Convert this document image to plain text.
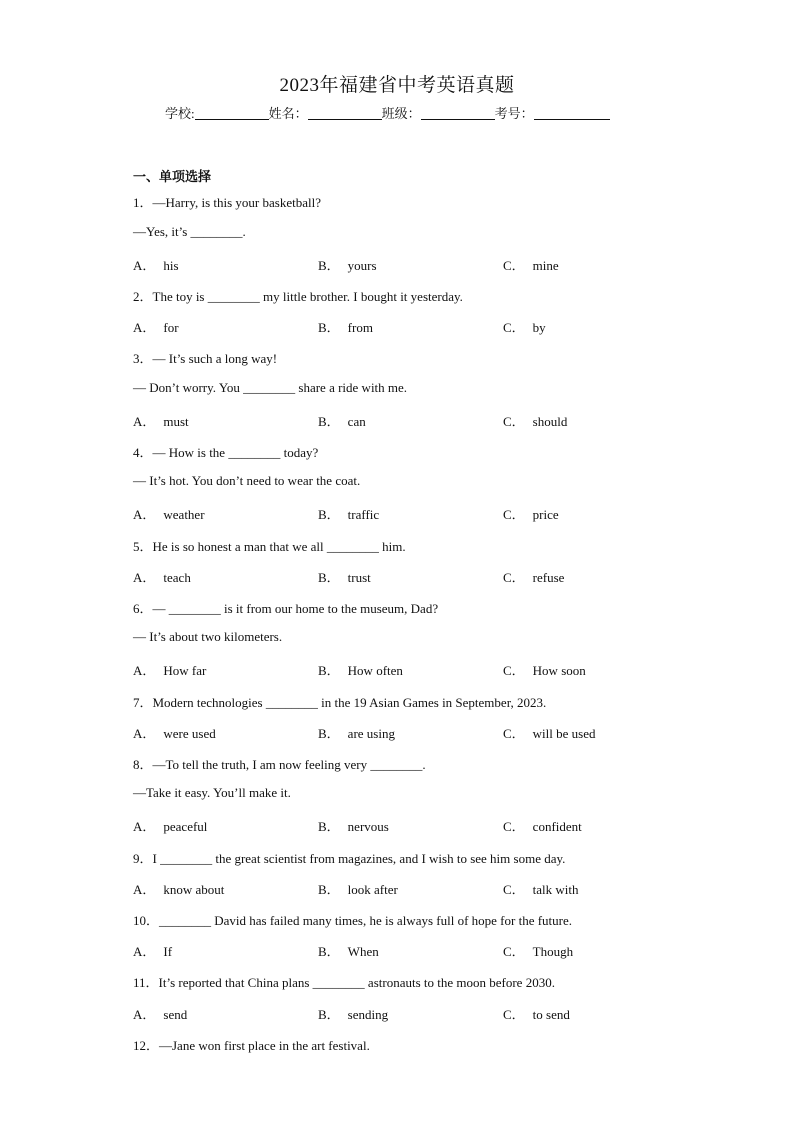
2023年福建省中考英语真题
学校:	姓名：	班级：	考号：
一、单项选择
1．—Harry, is this your basketball?
—Yes, it’s ________.
A． his	B． yours	C． mine
2．The toy is ________ my little brother. I bought it yesterday.
A． for	B． from	C． by
3．— It’s such a long way!
— Don’t worry. You ________ share a ride with me.
A． must	B． can	C． should
4．— How is the ________ today?
— It’s hot. You don’t need to wear the coat.
A． weather	B． traffic	C． price
5．He is so honest a man that we all ________ him.
A． teach	B． trust	C． refuse
6．— ________ is it from our home to the museum, Dad?
— It’s about two kilometers.
A． How far	B． How often	C． How soon
7．Modern technologies ________ in the 19 Asian Games in September, 2023.
A． were used	B． are using	C． will be used
8．—To tell the truth, I am now feeling very ________.
—Take it easy. You’ll make it.
A． peaceful	B． nervous	C． confident
9．I ________ the great scientist from magazines, and I wish to see him some day.
A． know about	B． look after	C． talk with
10．________ David has failed many times, he is always full of hope for the future.
A． If	B． When	C． Though
11．It’s reported that China plans ________ astronauts to the moon before 2030.
A． send	B． sending	C． to send
12．—Jane won first place in the art festival.
